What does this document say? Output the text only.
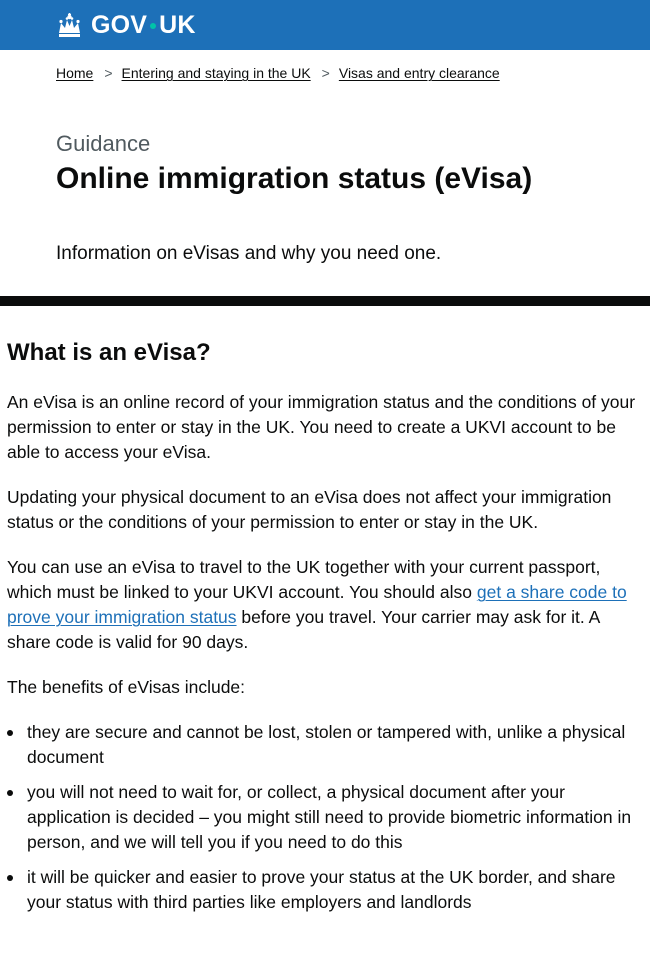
GOV UK
Home > Entering and staying in the UK > Visas and entry clearance
Guidance
Online immigration status (eVisa)

Information on eVisas and why you need one.

What is an eVisa?

An eVisa is an online record of your immigration status and the conditions of your permission to enter or stay in the UK. You need to create a UKVI account to be able to access your eVisa.

Updating your physical document to an eVisa does not affect your immigration status or the conditions of your permission to enter or stay in the UK.

You can use an eVisa to travel to the UK together with your current passport, which must be linked to your UKVI account. You should also get a share code to prove your immigration status before you travel. Your carrier may ask for it. A share code is valid for 90 days.

The benefits of eVisas include:

they are secure and cannot be lost, stolen or tampered with, unlike a physical document
you will not need to wait for, or collect, a physical document after your application is decided – you might still need to provide biometric information in person, and we will tell you if you need to do this
it will be quicker and easier to prove your status at the UK border, and share your status with third parties like employers and landlords
